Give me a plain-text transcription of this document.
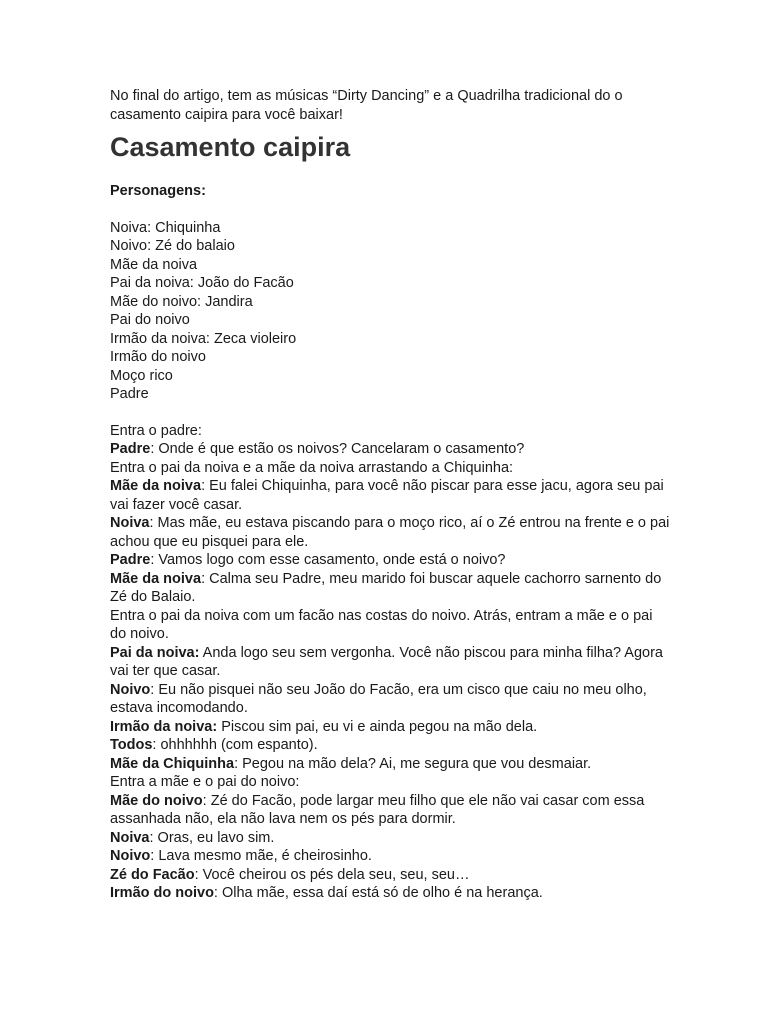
No final do artigo, tem as músicas “Dirty Dancing” e a Quadrilha tradicional do o casamento caipira para você baixar!

Casamento caipira

Personagens:

Noiva: Chiquinha
Noivo: Zé do balaio
Mãe da noiva
Pai da noiva: João do Facão
Mãe do noivo: Jandira
Pai do noivo
Irmão da noiva: Zeca violeiro
Irmão do noivo
Moço rico
Padre

Entra o padre:

Padre: Onde é que estão os noivos? Cancelaram o casamento?

Entra o pai da noiva e a mãe da noiva arrastando a Chiquinha:

Mãe da noiva: Eu falei Chiquinha, para você não piscar para esse jacu, agora seu pai vai fazer você casar.

Noiva: Mas mãe, eu estava piscando para o moço rico, aí o Zé entrou na frente e o pai achou que eu pisquei para ele.

Padre: Vamos logo com esse casamento, onde está o noivo?

Mãe da noiva: Calma seu Padre, meu marido foi buscar aquele cachorro sarnento do Zé do Balaio.

Entra o pai da noiva com um facão nas costas do noivo. Atrás, entram a mãe e o pai do noivo.

Pai da noiva: Anda logo seu sem vergonha. Você não piscou para minha filha? Agora vai ter que casar.

Noivo: Eu não pisquei não seu João do Facão, era um cisco que caiu no meu olho, estava incomodando.

Irmão da noiva: Piscou sim pai, eu vi e ainda pegou na mão dela.

Todos: ohhhhhh (com espanto).

Mãe da Chiquinha: Pegou na mão dela? Ai, me segura que vou desmaiar.

Entra a mãe e o pai do noivo:

Mãe do noivo: Zé do Facão, pode largar meu filho que ele não vai casar com essa assanhada não, ela não lava nem os pés para dormir.

Noiva: Oras, eu lavo sim.

Noivo: Lava mesmo mãe, é cheirosinho.

Zé do Facão: Você cheirou os pés dela seu, seu, seu…

Irmão do noivo: Olha mãe, essa daí está só de olho é na herança.
